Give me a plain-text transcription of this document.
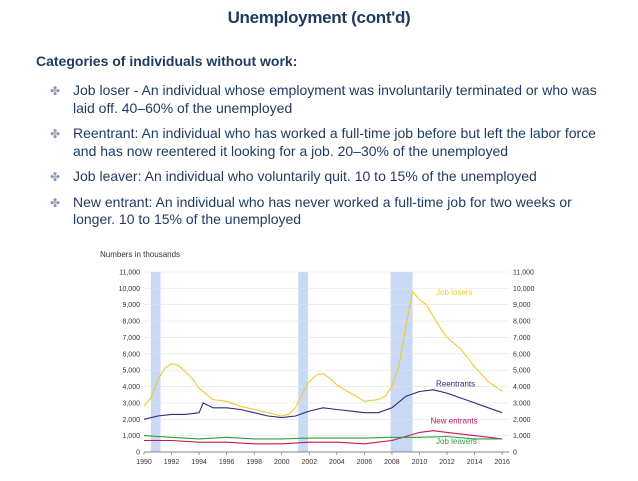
Unemployment (cont'd)
Categories of individuals without work:
✤ Job loser - An individual whose employment was involuntarily terminated or who was laid off. 40–60% of the unemployed
✤ Reentrant: An individual who has worked a full-time job before but left the labor force and has now reentered it looking for a job. 20–30% of the unemployed
✤ Job leaver: An individual who voluntarily quit. 10 to 15% of the unemployed
✤ New entrant: An individual who has never worked a full-time job for two weeks or longer. 10 to 15% of the unemployed
Numbers in thousands
0	0
1,000	1,000
2,000	2,000
3,000	3,000
4,000	4,000
5,000	5,000
6,000	6,000
7,000	7,000
8,000	8,000
9,000	9,000
10,000	10,000
11,000	11,000
1990 1992 1994 1996 1998 2000 2002 2004 2006 2008 2010 2012 2014 2016
Job losers
Reentrants
New entrants
Job leavers
